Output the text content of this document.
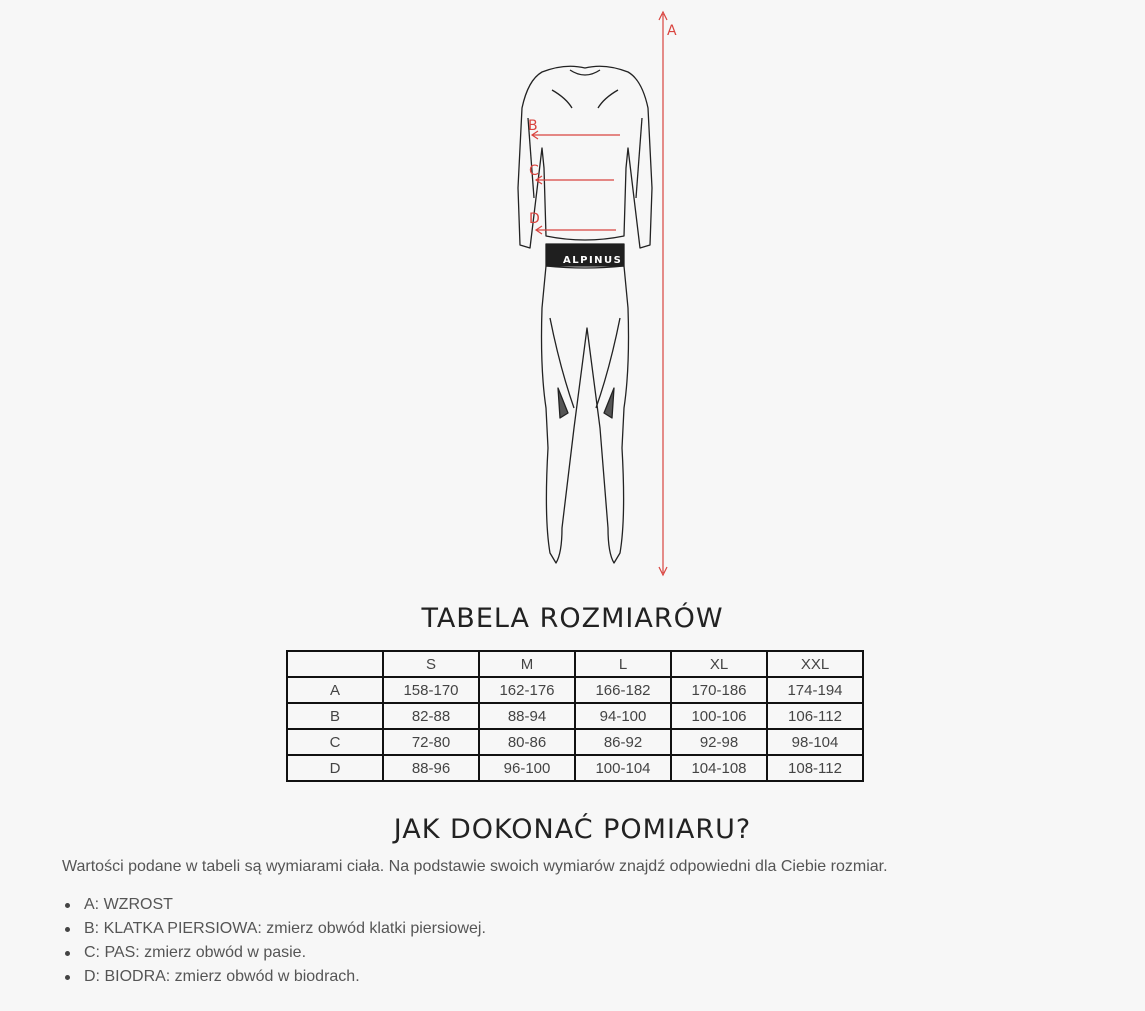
ALPINUS
A
B
C
D
TABELA ROZMIARÓW
	S	M	L	XL	XXL
A	158-170	162-176	166-182	170-186	174-194
B	82-88	88-94	94-100	100-106	106-112
C	72-80	80-86	86-92	92-98	98-104
D	88-96	96-100	100-104	104-108	108-112
JAK DOKONAĆ POMIARU?

Wartości podane w tabeli są wymiarami ciała. Na podstawie swoich wymiarów znajdź odpowiedni dla Ciebie rozmiar.

A: WZROST
B: KLATKA PIERSIOWA: zmierz obwód klatki piersiowej.
C: PAS: zmierz obwód w pasie.
D: BIODRA: zmierz obwód w biodrach.
